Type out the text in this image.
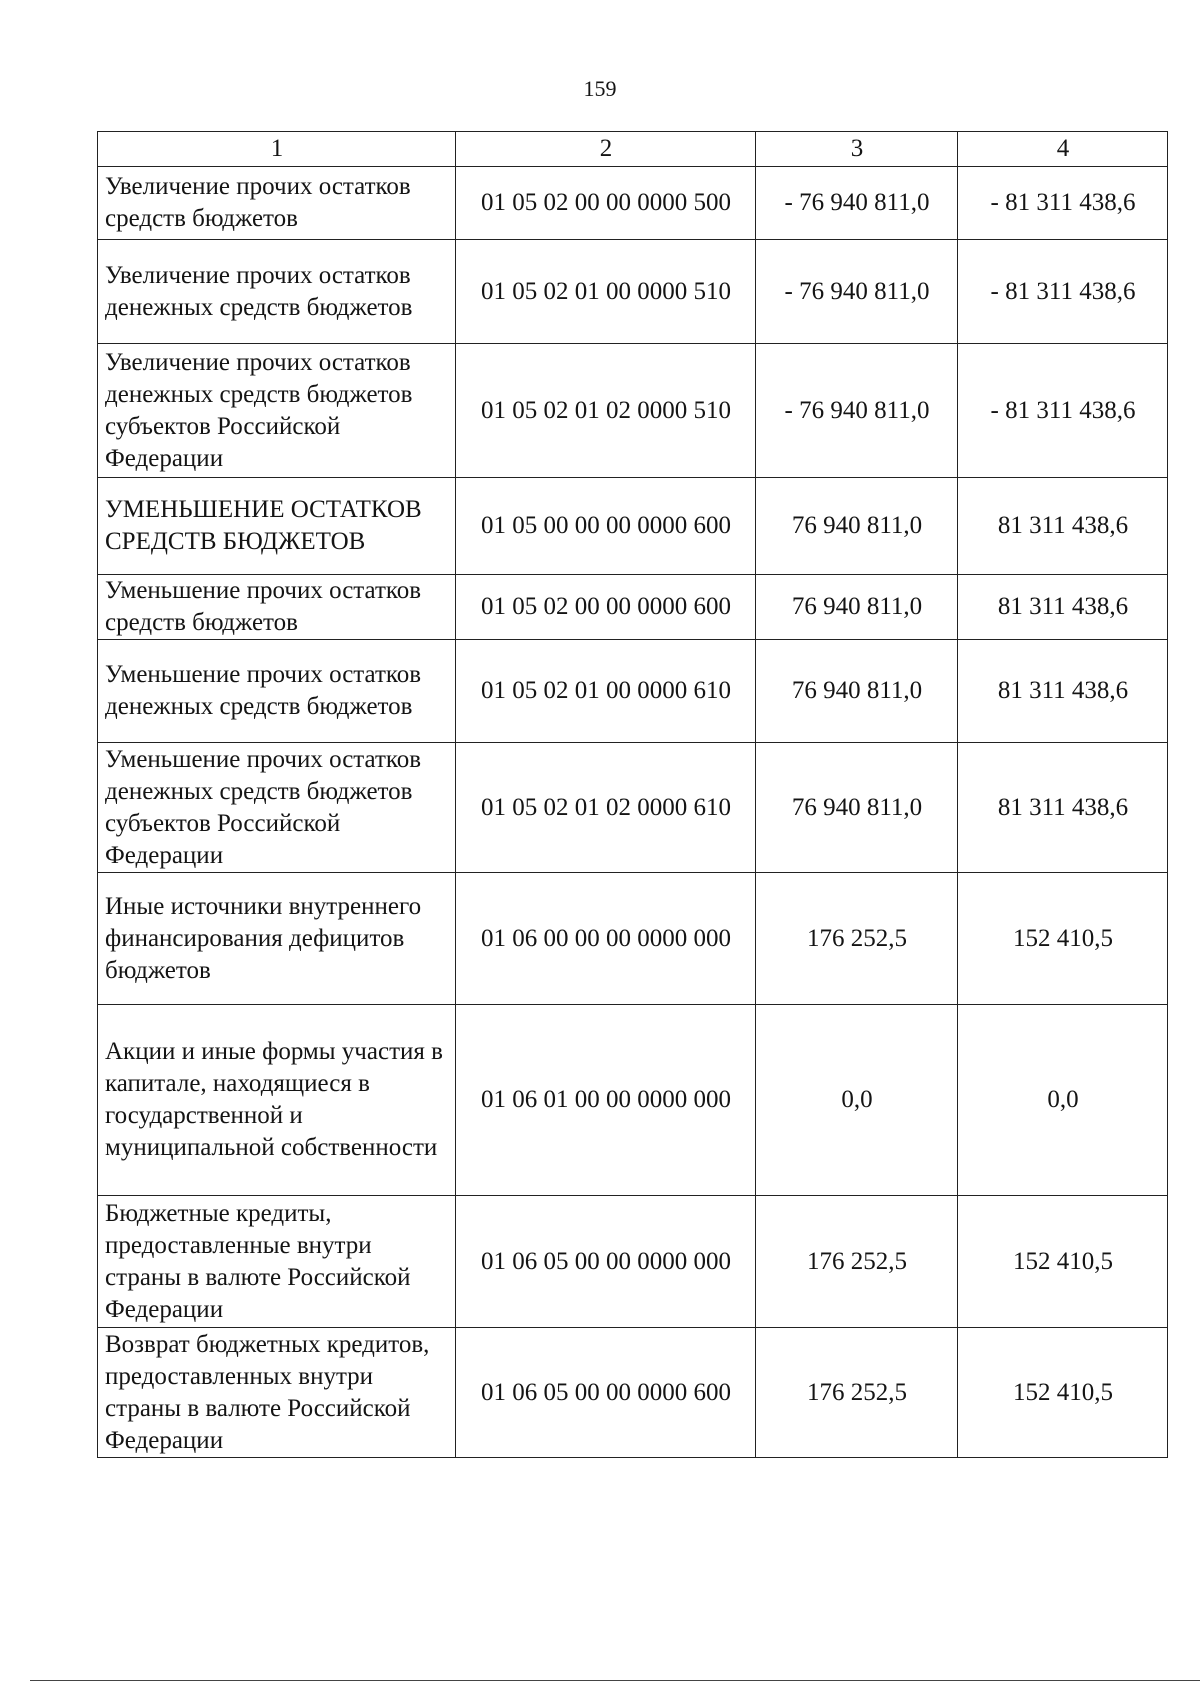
159
1	2	3	4
Увеличение прочих остатков средств бюджетов	01 05 02 00 00 0000 500	- 76 940 811,0	- 81 311 438,6
Увеличение прочих остатков денежных средств бюджетов	01 05 02 01 00 0000 510	- 76 940 811,0	- 81 311 438,6
Увеличение прочих остатков денежных средств бюджетов субъектов Российской Федерации	01 05 02 01 02 0000 510	- 76 940 811,0	- 81 311 438,6
УМЕНЬШЕНИЕ ОСТАТКОВ СРЕДСТВ БЮДЖЕТОВ	01 05 00 00 00 0000 600	76 940 811,0	81 311 438,6
Уменьшение прочих остатков средств бюджетов	01 05 02 00 00 0000 600	76 940 811,0	81 311 438,6
Уменьшение прочих остатков денежных средств бюджетов	01 05 02 01 00 0000 610	76 940 811,0	81 311 438,6
Уменьшение прочих остатков денежных средств бюджетов субъектов Российской Федерации	01 05 02 01 02 0000 610	76 940 811,0	81 311 438,6
Иные источники внутреннего финансирования дефицитов бюджетов	01 06 00 00 00 0000 000	176 252,5	152 410,5
Акции и иные формы участия в капитале, находящиеся в государственной и муниципальной собственности	01 06 01 00 00 0000 000	0,0	0,0
Бюджетные кредиты, предоставленные внутри страны в валюте Российской Федерации	01 06 05 00 00 0000 000	176 252,5	152 410,5
Возврат бюджетных кредитов, предоставленных внутри страны в валюте Российской Федерации	01 06 05 00 00 0000 600	176 252,5	152 410,5
